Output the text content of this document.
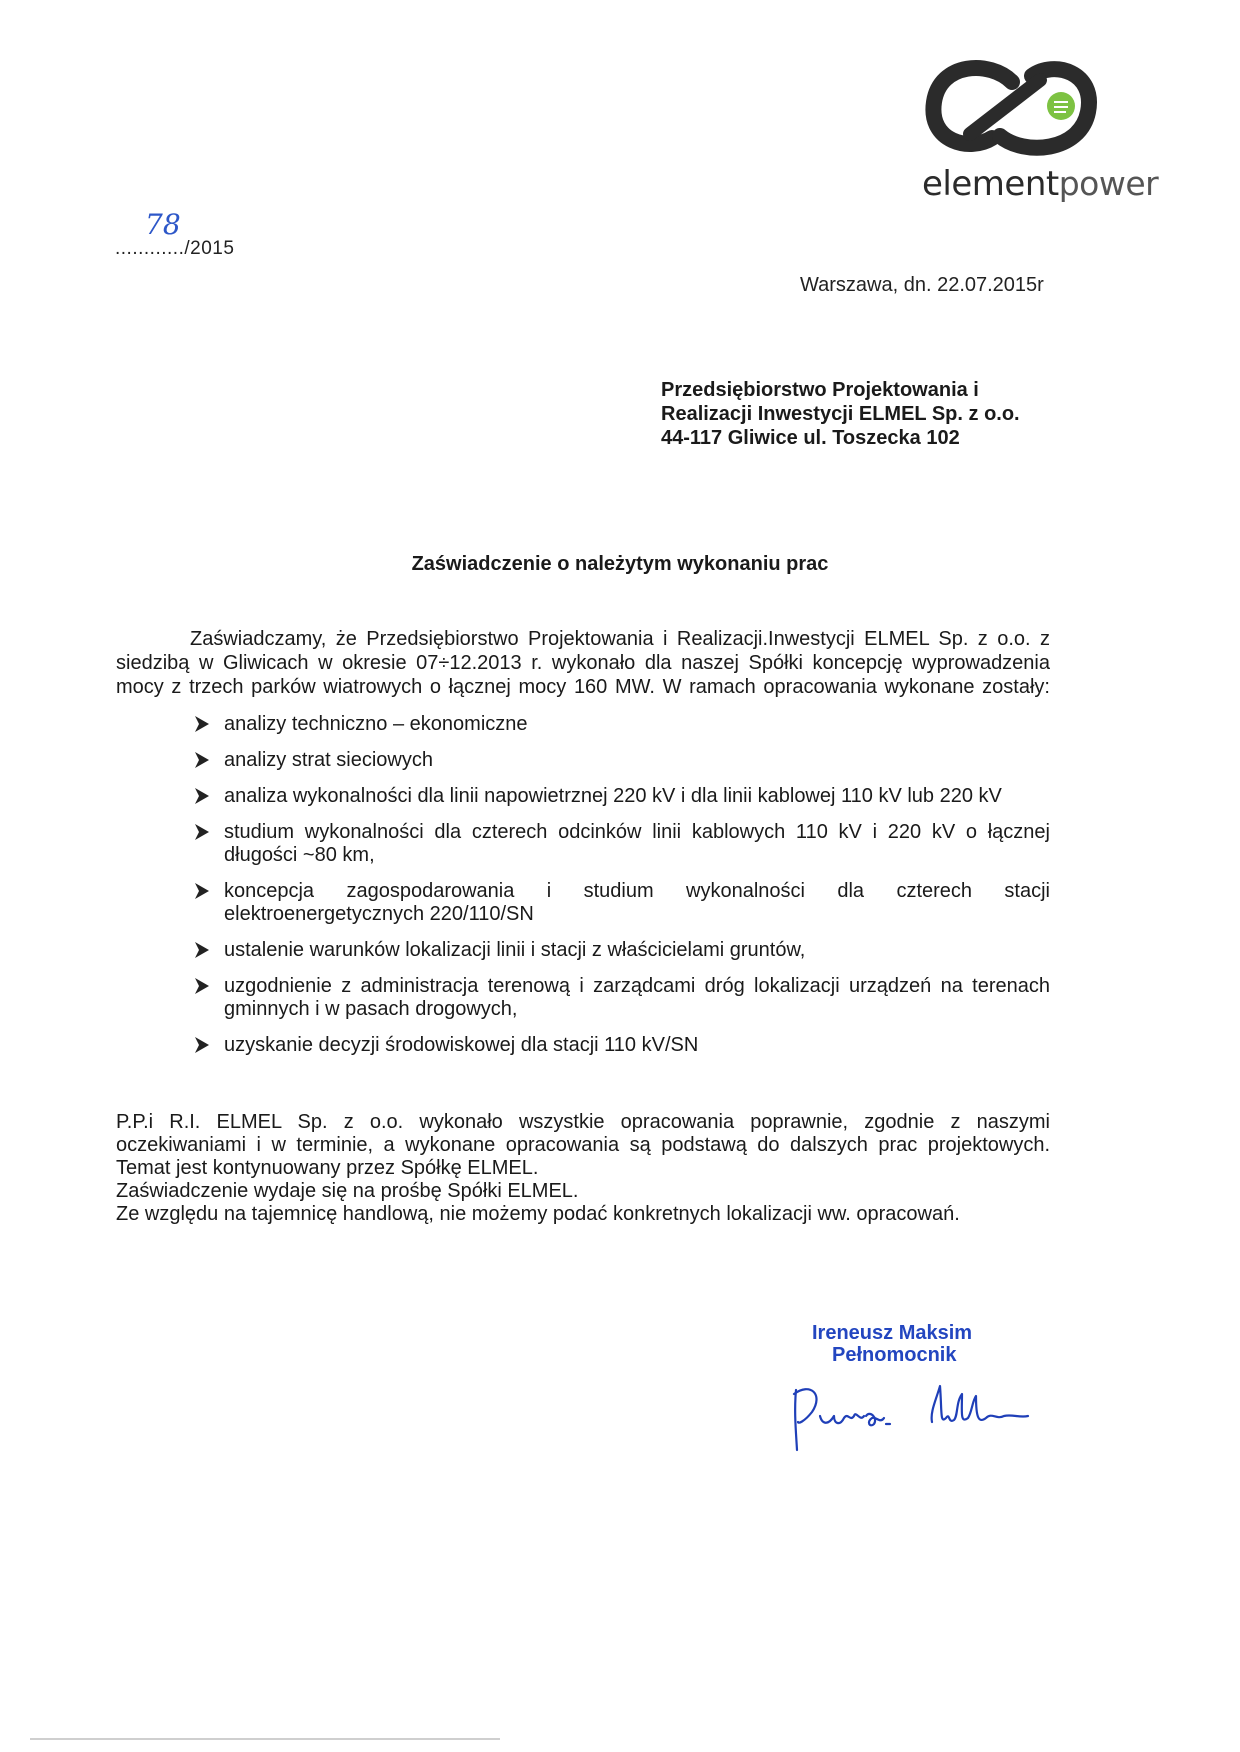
elementpower
78
............/2015
Warszawa, dn. 22.07.2015r
Przedsiębiorstwo Projektowania i
Realizacji Inwestycji ELMEL Sp. z o.o.
44-117 Gliwice ul. Toszecka 102
Zaświadczenie o należytym wykonaniu prac
Zaświadczamy, że Przedsiębiorstwo Projektowania i Realizacji.Inwestycji ELMEL Sp. z o.o. z
siedzibą w Gliwicach w okresie 07÷12.2013 r. wykonało dla naszej Spółki koncepcję wyprowadzenia
mocy z trzech parków wiatrowych o łącznej mocy 160 MW. W ramach opracowania wykonane zostały:
analizy techniczno – ekonomiczne
analizy strat sieciowych
analiza wykonalności dla linii napowietrznej 220 kV i dla linii kablowej 110 kV lub 220 kV
studium wykonalności dla czterech odcinków linii kablowych 110 kV i 220 kV o łącznej długości ~80 km,
koncepcja zagospodarowania i studium wykonalności dla czterech stacji elektroenergetycznych 220/110/SN
ustalenie warunków lokalizacji linii i stacji z właścicielami gruntów,
uzgodnienie z administracja terenową i zarządcami dróg lokalizacji urządzeń na terenach gminnych i w pasach drogowych,
uzyskanie decyzji środowiskowej dla stacji 110 kV/SN
P.P.i R.I. ELMEL Sp. z o.o. wykonało wszystkie opracowania poprawnie, zgodnie z naszymi
oczekiwaniami i w terminie, a wykonane opracowania są podstawą do dalszych prac projektowych.
Temat jest kontynuowany przez Spółkę ELMEL.
Zaświadczenie wydaje się na prośbę Spółki ELMEL.
Ze względu na tajemnicę handlową, nie możemy podać konkretnych lokalizacji ww. opracowań.
Ireneusz Maksim
Pełnomocnik
